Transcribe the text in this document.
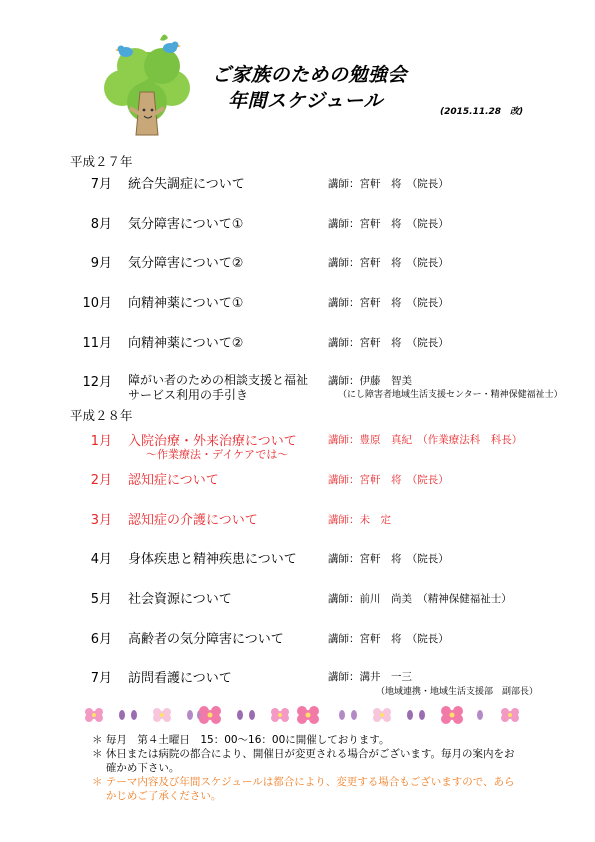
ご家族のための勉強会
年間スケジュール	(2015.11.28　改)
平成２７年
7月 統合失調症について	講師：宮軒　将　（院長）
8月 気分障害について①	講師：宮軒　将　（院長）
9月 気分障害について②	講師：宮軒　将　（院長）
10月 向精神薬について①	講師：宮軒　将　（院長）
11月 向精神薬について②	講師：宮軒　将　（院長）
12月 障がい者のための相談支援と福祉
サービス利用の手引き
講師：伊藤　智美
（にし障害者地域生活支援センター・精神保健福祉士）
平成２８年
1月 入院治療・外来治療について
～作業療法・デイケアでは～
講師：豊原　真紀　（作業療法科　科長）
2月 認知症について	講師：宮軒　将　（院長）
3月 認知症の介護について	講師：未　定
4月 身体疾患と精神疾患について	講師：宮軒　将　（院長）
5月 社会資源について	講師：前川　尚美　（精神保健福祉士）
6月 高齢者の気分障害について	講師：宮軒　将　（院長）
7月 訪問看護について	講師：溝井　一三
（地域連携・地域生活支援部　副部長）
＊ 毎月　第４土曜日　15：00～16：00に開催しております。
＊ 休日または病院の都合により、開催日が変更される場合がございます。毎月の案内をお
　 確かめ下さい。
＊ テーマ内容及び年間スケジュールは都合により、変更する場合もございますので、あら
　 かじめご了承ください。
